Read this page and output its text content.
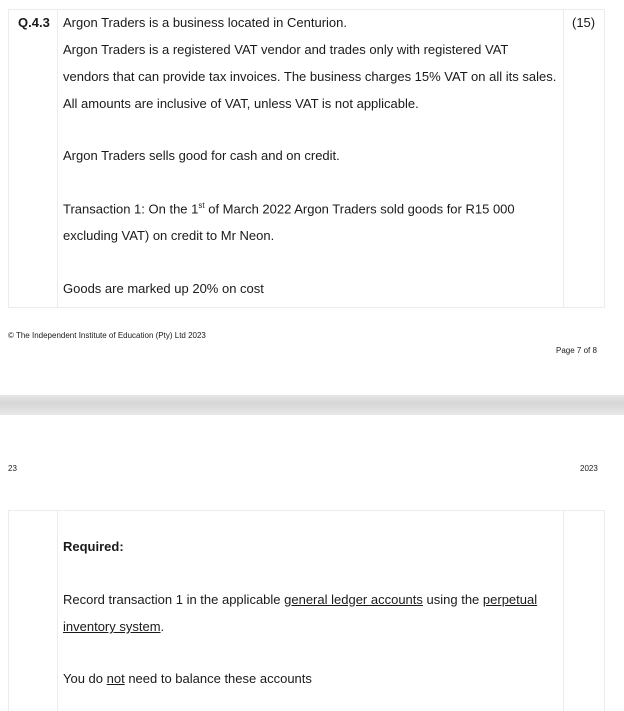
Q.4.3	(15)
Argon Traders is a business located in Centurion.
Argon Traders is a registered VAT vendor and trades only with registered VAT
vendors that can provide tax invoices. The business charges 15% VAT on all its sales.
All amounts are inclusive of VAT, unless VAT is not applicable.
Argon Traders sells good for cash and on credit.
Transaction 1: On the 1st of March 2022 Argon Traders sold goods for R15 000
excluding VAT) on credit to Mr Neon.
Goods are marked up 20% on cost
© The Independent Institute of Education (Pty) Ltd 2023
Page 7 of 8
23	2023
Required:
Record transaction 1 in the applicable general ledger accounts using the perpetual
inventory system.
You do not need to balance these accounts
